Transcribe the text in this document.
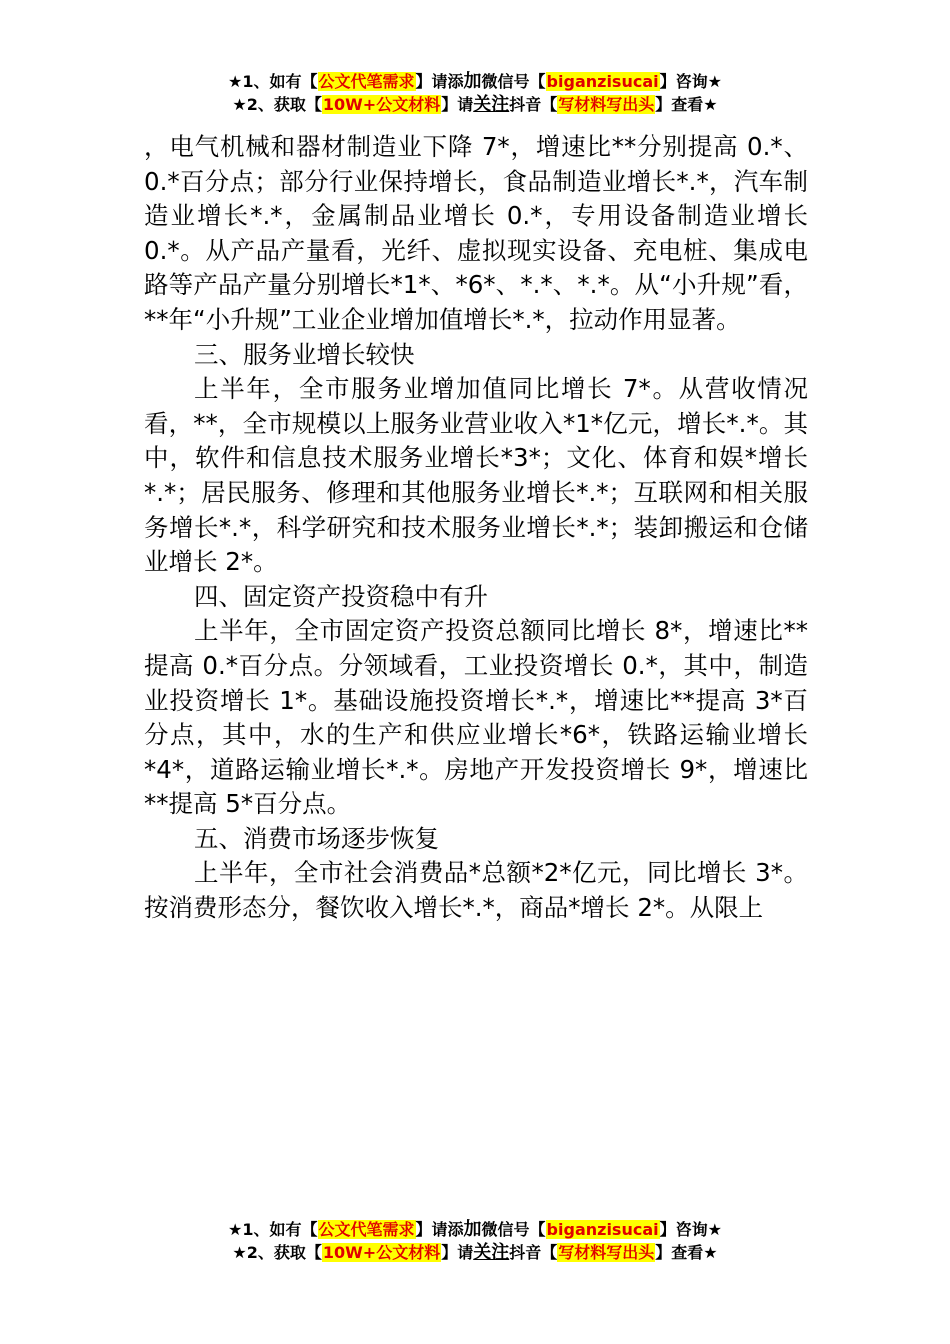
★1、如有【公文代笔需求】请添加微信号【biganzisucai】咨询★
★2、获取【10W+公文材料】请关注抖音【写材料写出头】查看★

，电气机械和器材制造业下降 7*，增速比**分别提高 0.*、0.*百分点；部分行业保持增长，食品制造业增长*.*，汽车制造业增长*.*，金属制品业增长 0.*，专用设备制造业增长 0.*。从产品产量看，光纤、虚拟现实设备、充电桩、集成电路等产品产量分别增长*1*、*6*、*.*、*.*。从“小升规”看，**年“小升规”工业企业增加值增长*.*，拉动作用显著。

三、服务业增长较快

上半年，全市服务业增加值同比增长 7*。从营收情况看，**，全市规模以上服务业营业收入*1*亿元，增长*.*。其中，软件和信息技术服务业增长*3*；文化、体育和娱*增长*.*；居民服务、修理和其他服务业增长*.*；互联网和相关服务增长*.*，科学研究和技术服务业增长*.*；装卸搬运和仓储业增长 2*。

四、固定资产投资稳中有升

上半年，全市固定资产投资总额同比增长 8*，增速比**提高 0.*百分点。分领域看，工业投资增长 0.*，其中，制造业投资增长 1*。基础设施投资增长*.*，增速比**提高 3*百分点，其中，水的生产和供应业增长*6*，铁路运输业增长*4*，道路运输业增长*.*。房地产开发投资增长 9*，增速比**提高 5*百分点。

五、消费市场逐步恢复

上半年，全市社会消费品*总额*2*亿元，同比增长 3*。按消费形态分，餐饮收入增长*.*，商品*增长 2*。从限上

★1、如有【公文代笔需求】请添加微信号【biganzisucai】咨询★
★2、获取【10W+公文材料】请关注抖音【写材料写出头】查看★
